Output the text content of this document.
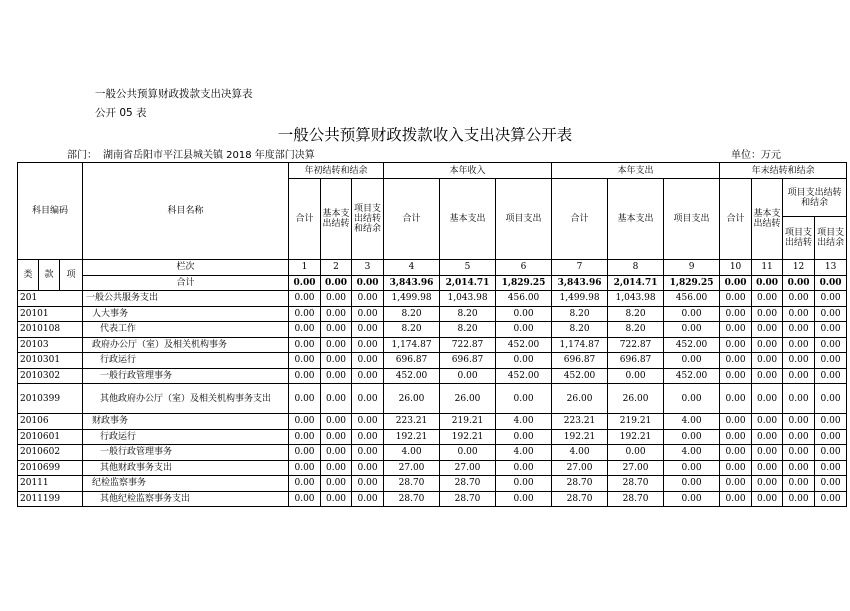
一般公共预算财政拨款支出决算表
公开 05 表
一般公共预算财政拨款收入支出决算公开表
部门： 湖南省岳阳市平江县城关镇 2018 年度部门决算	单位：万元
科目编码			科目名称	年初结转和结余			本年收入			本年支出			年末结转和结余			
				合计	基本支出结转	项目支出结转和结余	合计	基本支出	项目支出	合计	基本支出	项目支出	合计	基本支出结转	项目支出结转和结余	
															项目支出结转	项目支出结余
类	款	项	栏次	1	2	3	4	5	6	7	8	9	10	11	12	13
			合计	0.00	0.00	0.00	3,843.96	2,014.71	1,829.25	3,843.96	2,014.71	1,829.25	0.00	0.00	0.00	0.00
201			一般公共服务支出	0.00	0.00	0.00	1,499.98	1,043.98	456.00	1,499.98	1,043.98	456.00	0.00	0.00	0.00	0.00
20101			人大事务	0.00	0.00	0.00	8.20	8.20	0.00	8.20	8.20	0.00	0.00	0.00	0.00	0.00
2010108			代表工作	0.00	0.00	0.00	8.20	8.20	0.00	8.20	8.20	0.00	0.00	0.00	0.00	0.00
20103			政府办公厅（室）及相关机构事务	0.00	0.00	0.00	1,174.87	722.87	452.00	1,174.87	722.87	452.00	0.00	0.00	0.00	0.00
2010301			行政运行	0.00	0.00	0.00	696.87	696.87	0.00	696.87	696.87	0.00	0.00	0.00	0.00	0.00
2010302			一般行政管理事务	0.00	0.00	0.00	452.00	0.00	452.00	452.00	0.00	452.00	0.00	0.00	0.00	0.00
2010399			其他政府办公厅（室）及相关机构事务支出	0.00	0.00	0.00	26.00	26.00	0.00	26.00	26.00	0.00	0.00	0.00	0.00	0.00
20106			财政事务	0.00	0.00	0.00	223.21	219.21	4.00	223.21	219.21	4.00	0.00	0.00	0.00	0.00
2010601			行政运行	0.00	0.00	0.00	192.21	192.21	0.00	192.21	192.21	0.00	0.00	0.00	0.00	0.00
2010602			一般行政管理事务	0.00	0.00	0.00	4.00	0.00	4.00	4.00	0.00	4.00	0.00	0.00	0.00	0.00
2010699			其他财政事务支出	0.00	0.00	0.00	27.00	27.00	0.00	27.00	27.00	0.00	0.00	0.00	0.00	0.00
20111			纪检监察事务	0.00	0.00	0.00	28.70	28.70	0.00	28.70	28.70	0.00	0.00	0.00	0.00	0.00
2011199			其他纪检监察事务支出	0.00	0.00	0.00	28.70	28.70	0.00	28.70	28.70	0.00	0.00	0.00	0.00	0.00
